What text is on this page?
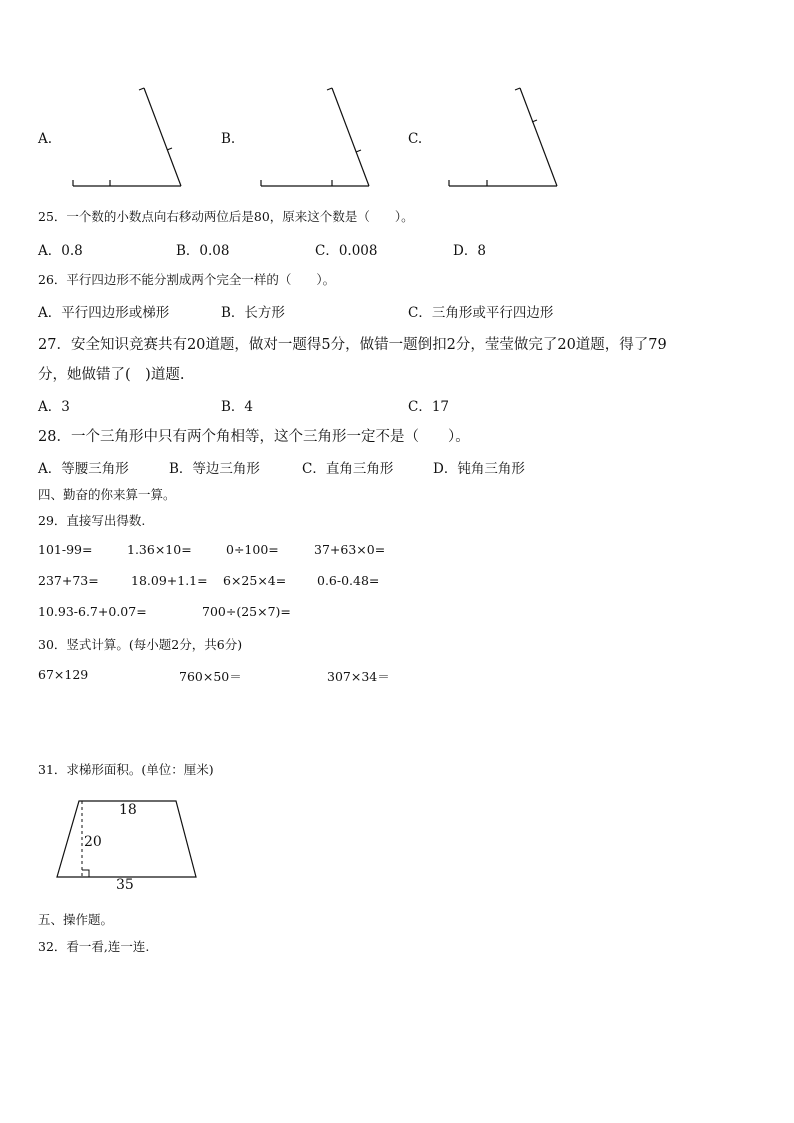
A.	B.	C.
25．一个数的小数点向右移动两位后是80，原来这个数是（　　）。
A．0.8	B．0.08	C．0.008	D．8
26．平行四边形不能分割成两个完全一样的（　　）。
A．平行四边形或梯形	B．长方形	C．三角形或平行四边形
27．安全知识竞赛共有20道题，做对一题得5分，做错一题倒扣2分，莹莹做完了20道题，得了79
分，她做错了(　)道题.
A．3	B．4	C．17
28．一个三角形中只有两个角相等，这个三角形一定不是（　　）。
A．等腰三角形	B．等边三角形	C．直角三角形	D．钝角三角形
四、勤奋的你来算一算。
29．直接写出得数.
101-99=	1.36×10=	0÷100=	37+63×0=
237+73=	18.09+1.1= 6×25×4= 0.6-0.48=
10.93-6.7+0.07=	700÷(25×7)=
30．竖式计算。(每小题2分，共6分)
67×129	760×50＝	307×34＝
31．求梯形面积。(单位：厘米)
18
20
35
五、操作题。
32．看一看,连一连.
